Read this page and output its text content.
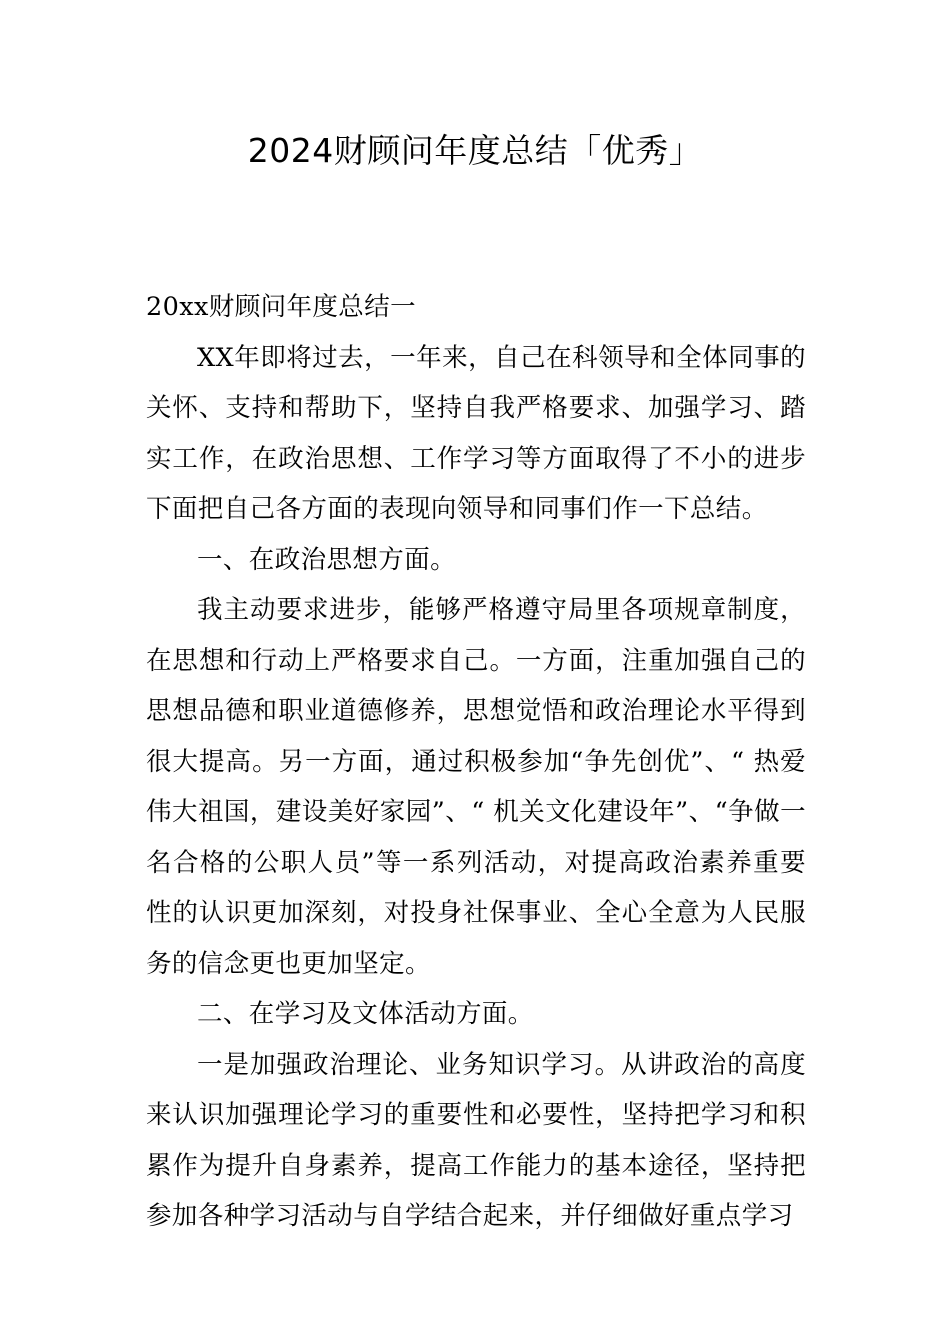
2024财顾问年度总结「优秀」

20xx财顾问年度总结一

XX年即将过去，一年来，自己在科领导和全体同事的关怀、支持和帮助下，坚持自我严格要求、加强学习、踏实工作，在政治思想、工作学习等方面取得了不小的进步下面把自己各方面的表现向领导和同事们作一下总结。

一、在政治思想方面。

我主动要求进步，能够严格遵守局里各项规章制度，在思想和行动上严格要求自己。一方面，注重加强自己的思想品德和职业道德修养，思想觉悟和政治理论水平得到很大提高。另一方面，通过积极参加“争先创优”、“ 热爱伟大祖国，建设美好家园”、“ 机关文化建设年”、“争做一名合格的公职人员”等一系列活动，对提高政治素养重要性的认识更加深刻，对投身社保事业、全心全意为人民服务的信念更也更加坚定。

二、在学习及文体活动方面。

一是加强政治理论、业务知识学习。从讲政治的高度来认识加强理论学习的重要性和必要性，坚持把学习和积累作为提升自身素养，提高工作能力的基本途径，坚持把参加各种学习活动与自学结合起来，并仔细做好重点学习
